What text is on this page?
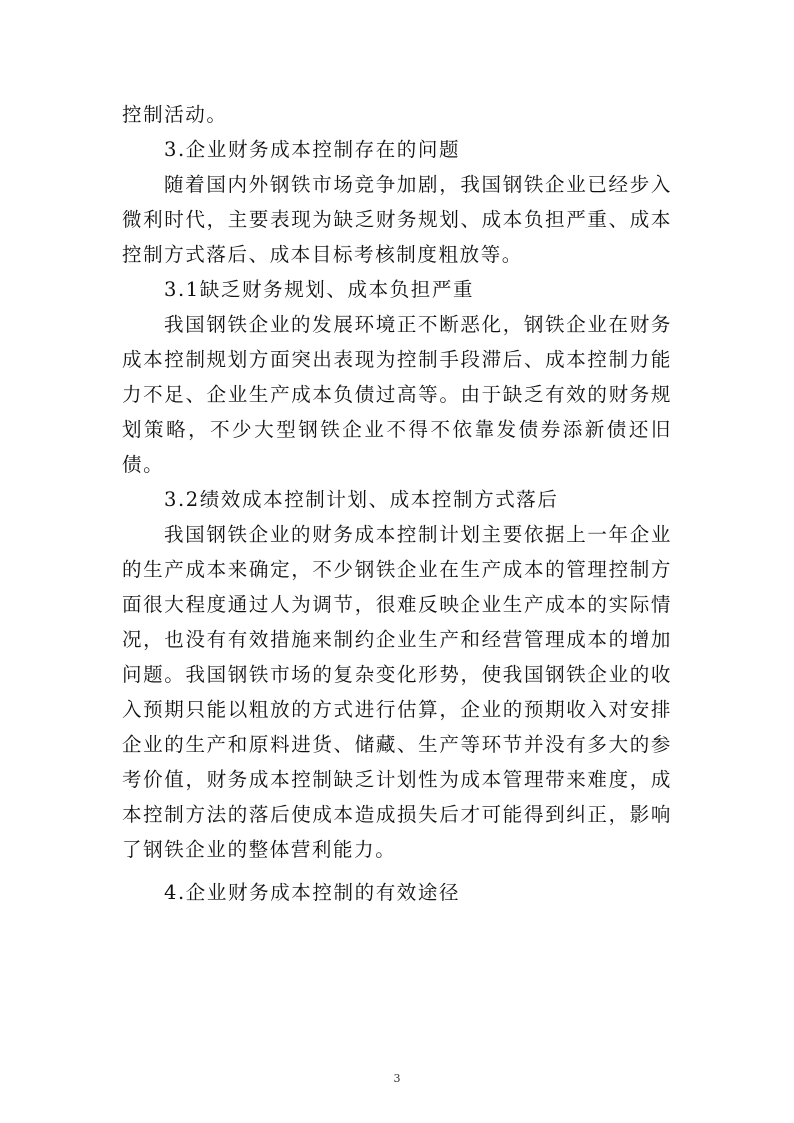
控制活动。

3.企业财务成本控制存在的问题

随着国内外钢铁市场竞争加剧，我国钢铁企业已经步入微利时代，主要表现为缺乏财务规划、成本负担严重、成本控制方式落后、成本目标考核制度粗放等。

3.1缺乏财务规划、成本负担严重

我国钢铁企业的发展环境正不断恶化，钢铁企业在财务成本控制规划方面突出表现为控制手段滞后、成本控制力能力不足、企业生产成本负债过高等。由于缺乏有效的财务规划策略，不少大型钢铁企业不得不依靠发债券添新债还旧债。

3.2绩效成本控制计划、成本控制方式落后

我国钢铁企业的财务成本控制计划主要依据上一年企业的生产成本来确定，不少钢铁企业在生产成本的管理控制方面很大程度通过人为调节，很难反映企业生产成本的实际情况，也没有有效措施来制约企业生产和经营管理成本的增加问题。我国钢铁市场的复杂变化形势，使我国钢铁企业的收入预期只能以粗放的方式进行估算，企业的预期收入对安排企业的生产和原料进货、储藏、生产等环节并没有多大的参考价值，财务成本控制缺乏计划性为成本管理带来难度，成本控制方法的落后使成本造成损失后才可能得到纠正，影响了钢铁企业的整体营利能力。

4.企业财务成本控制的有效途径

3
